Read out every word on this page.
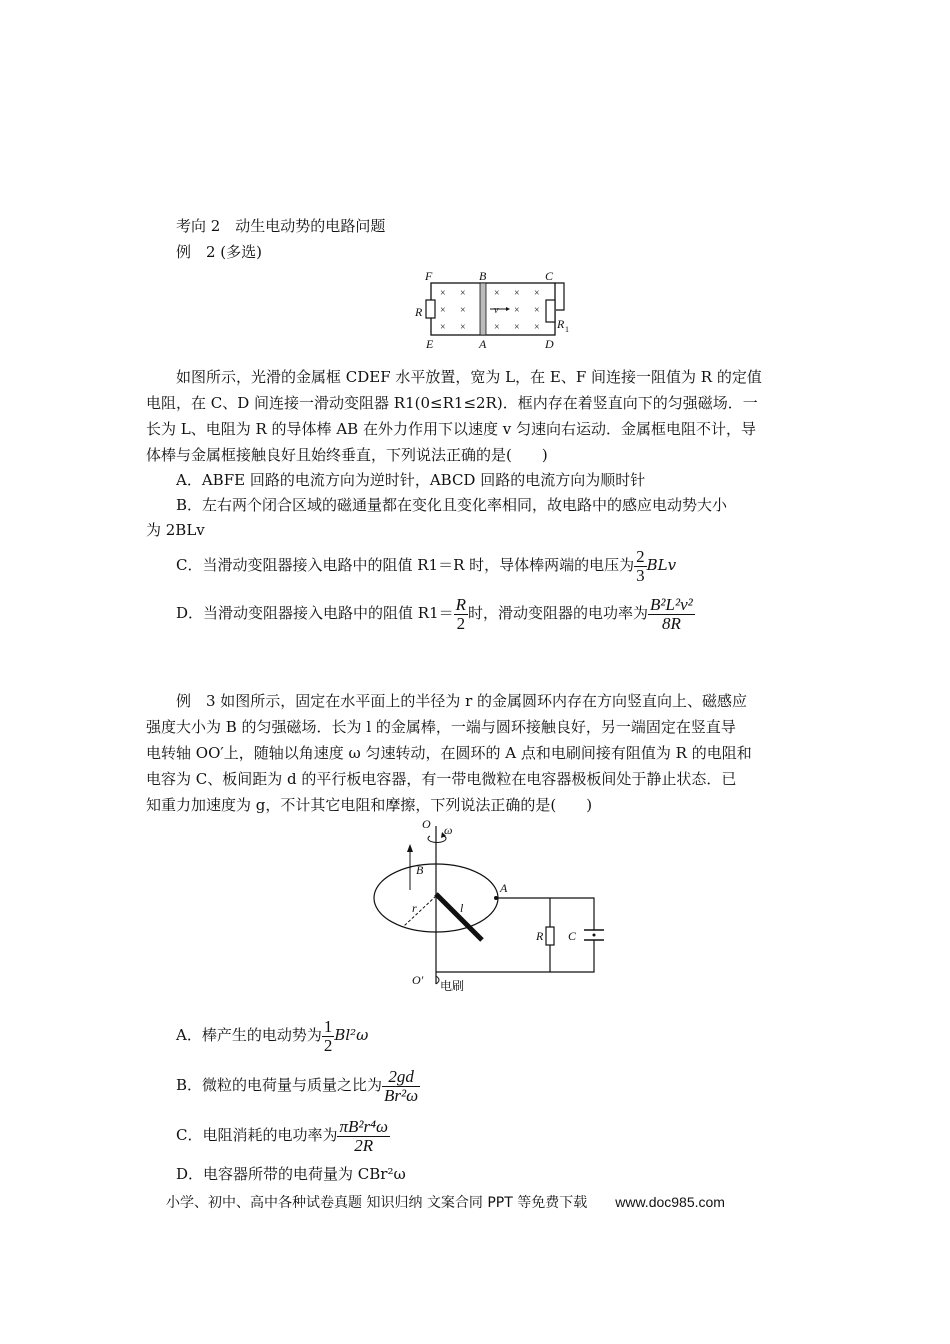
考向 2　动生电动势的电路问题
例　2 (多选)
× ×
× ×
× ×
× × ×
× ×
× × ×
v
F	B	C
R
R
E	A	D
1
如图所示，光滑的金属框 CDEF 水平放置，宽为 L，在 E、F 间连接一阻值为 R 的定值
电阻，在 C、D 间连接一滑动变阻器 R1(0≤R1≤2R)．框内存在着竖直向下的匀强磁场．一
长为 L、电阻为 R 的导体棒 AB 在外力作用下以速度 v 匀速向右运动．金属框电阻不计，导
体棒与金属框接触良好且始终垂直，下列说法正确的是(　　)
A．ABFE 回路的电流方向为逆时针，ABCD 回路的电流方向为顺时针
B．左右两个闭合区域的磁通量都在变化且变化率相同，故电路中的感应电动势大小
为 2BLv
C．当滑动变阻器接入电路中的阻值 R1＝R 时，导体棒两端的电压为 $\frac{2}{3}$ BLv
D．当滑动变阻器接入电路中的阻值 $R1= \frac{R}{2}$ 时，滑动变阻器的电功率为 $\frac{\text{B²L²v²}}{8R}$
例　3 如图所示，固定在水平面上的半径为 r 的金属圆环内存在方向竖直向上、磁感应
强度大小为 B 的匀强磁场．长为 l 的金属棒，一端与圆环接触良好，另一端固定在竖直导
电转轴 OO′上，随轴以角速度 ω 匀速转动，在圆环的 A 点和电刷间接有阻值为 R 的电阻和
电容为 C、板间距为 d 的平行板电容器，有一带电微粒在电容器极板间处于静止状态．已
知重力加速度为 g，不计其它电阻和摩擦，下列说法正确的是(　　)
O ω
B
A
r	l
R C
O′ 电刷
A．棒产生的电动势为 $\frac{1}{2} Bl^2\omega$
B．微粒的电荷量与质量之比为 $\frac{2gd}{\text{Br²ω}}$
C．电阻消耗的电功率为 $\frac{\text{πB²r⁴ω}}{2R}$
D．电容器所带的电荷量为 CBr²ω
小学、初中、高中各种试卷真题 知识归纳 文案合同 PPT 等免费下载 www.doc985.com
